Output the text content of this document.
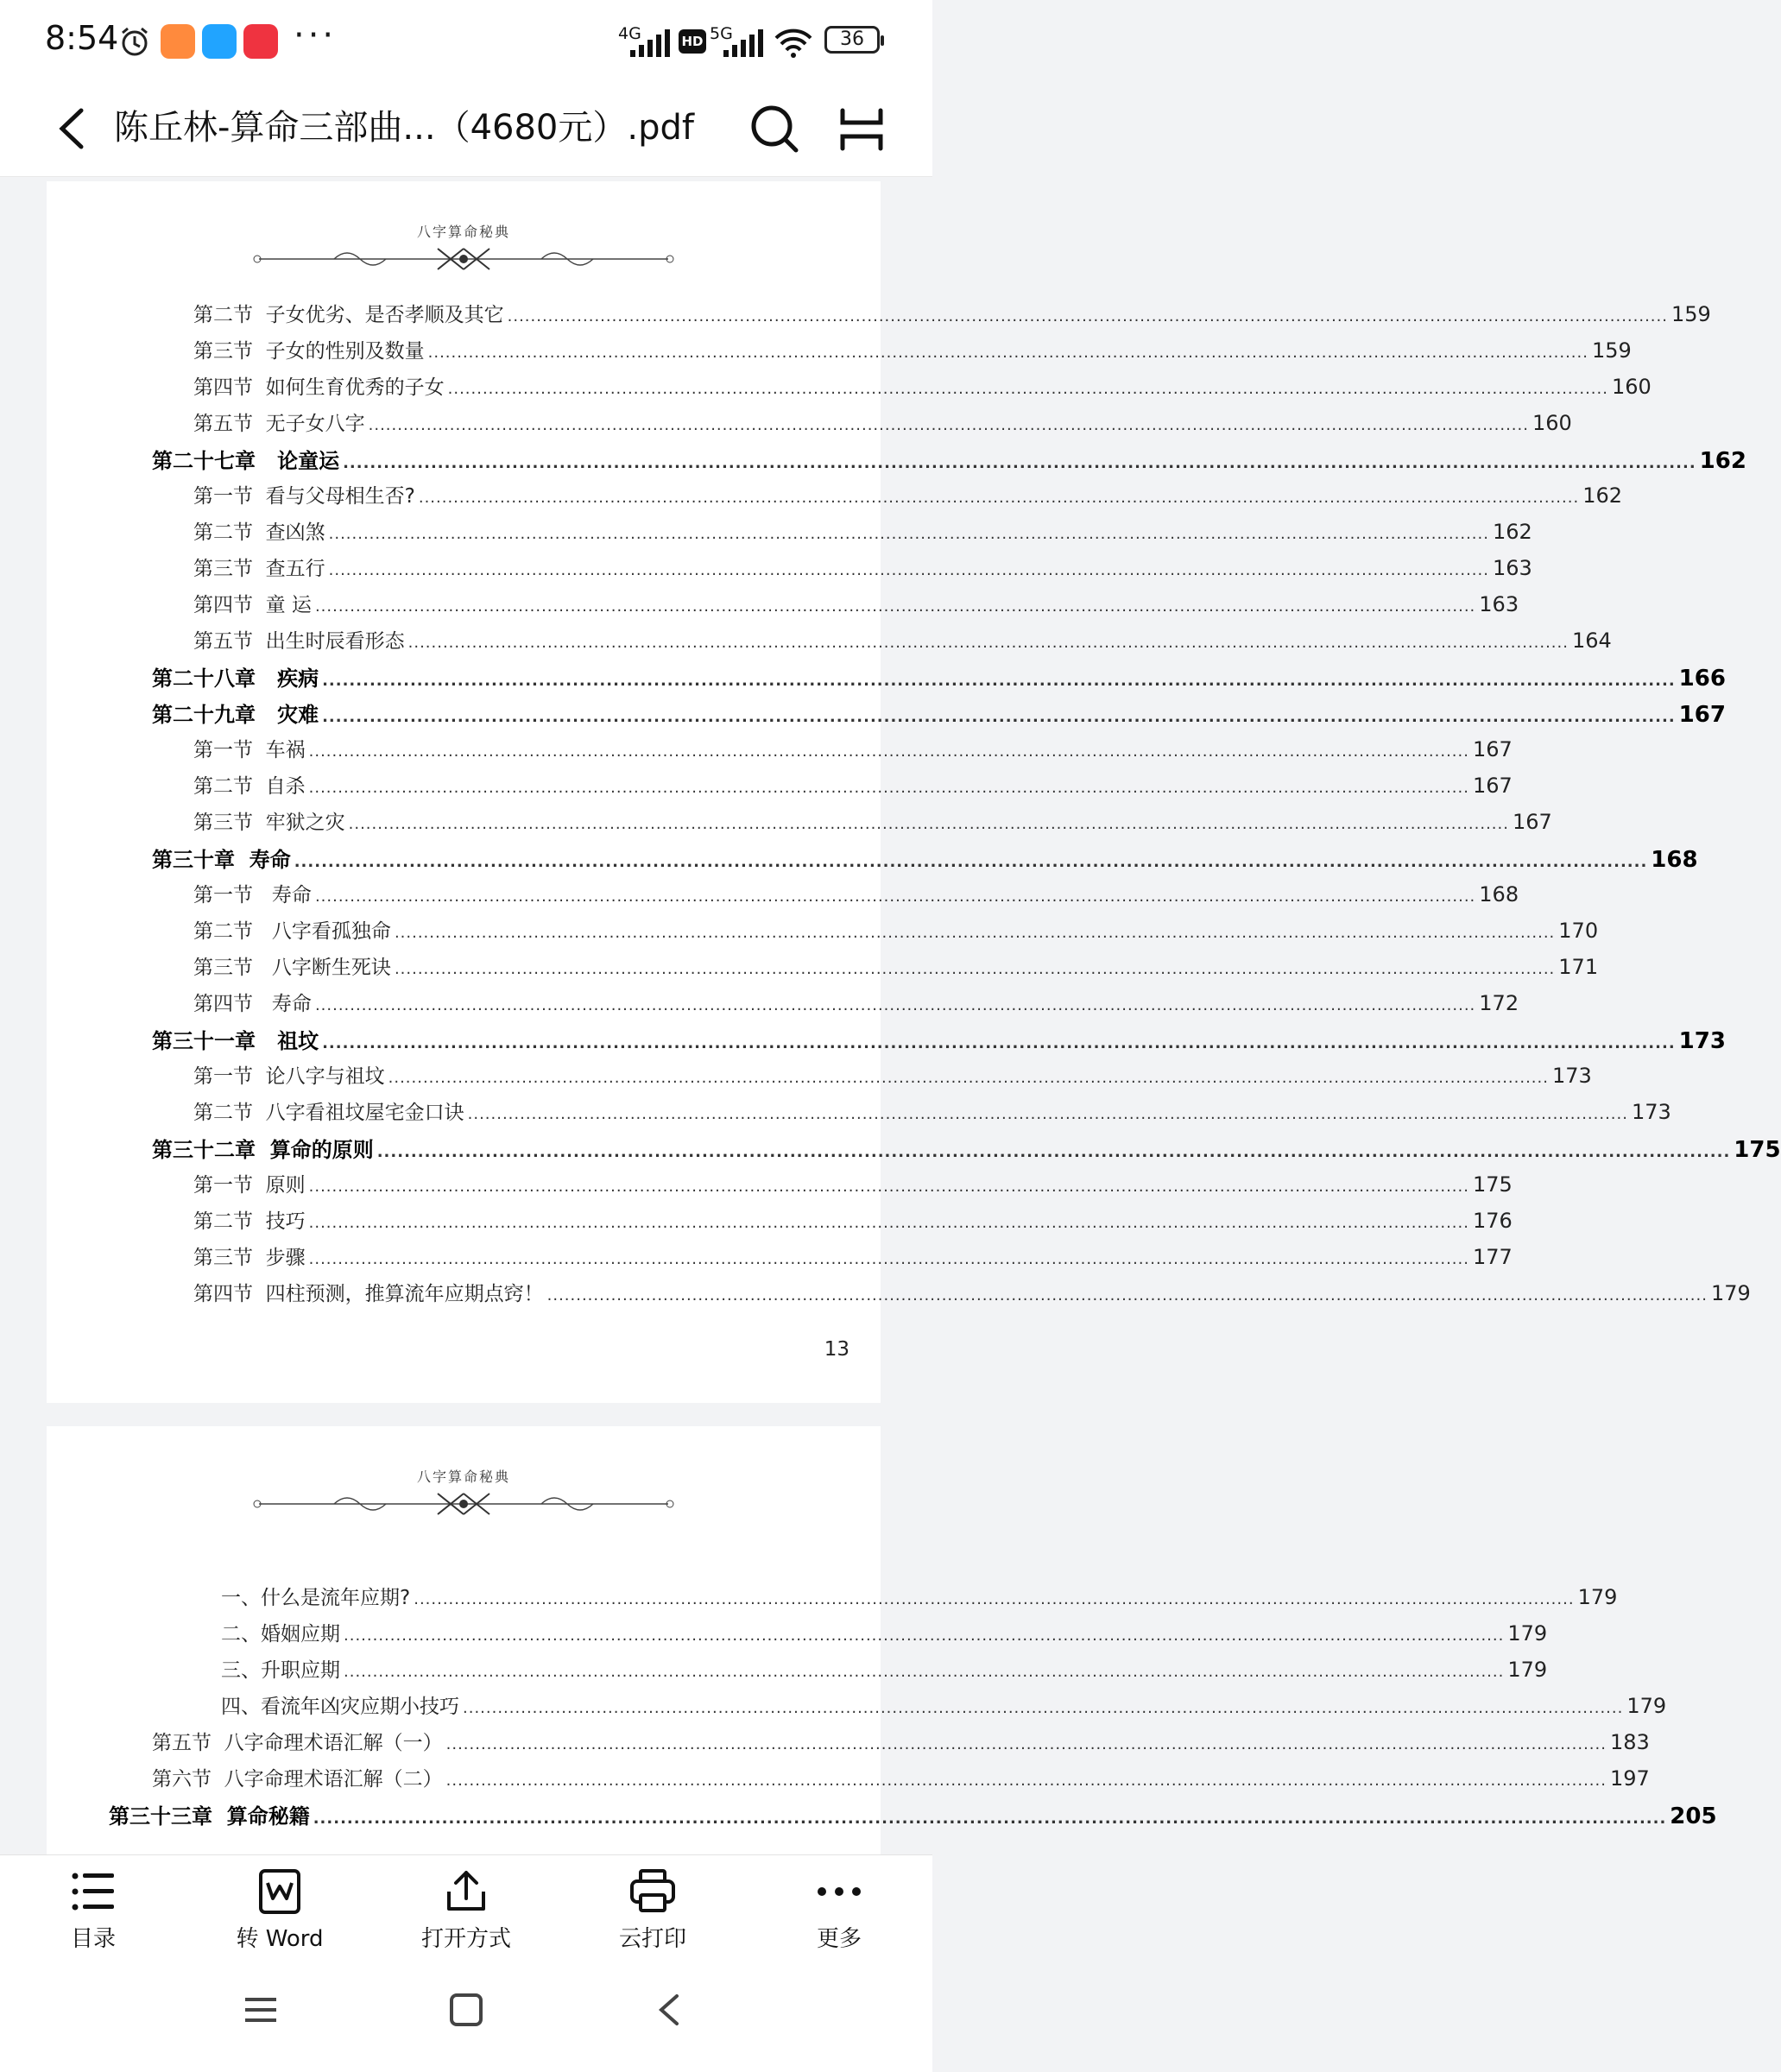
8:54	···	4G	HD 5G	36
陈丘林-算命三部曲...（4680元）.pdf
八字算命秘典
第二节  子女优劣、是否孝顺及其它 ........................................................................................................................................................................................................ 159
第三节  子女的性别及数量 ........................................................................................................................................................................................................ 159
第四节  如何生育优秀的子女 ........................................................................................................................................................................................................ 160
第五节  无子女八字 ........................................................................................................................................................................................................ 160
第二十七章   论童运 ........................................................................................................................................................................................................ 162
第一节  看与父母相生否? ........................................................................................................................................................................................................ 162
第二节  查凶煞 ........................................................................................................................................................................................................ 162
第三节  查五行 ........................................................................................................................................................................................................ 163
第四节  童 运 ........................................................................................................................................................................................................ 163
第五节  出生时辰看形态 ........................................................................................................................................................................................................ 164
第二十八章   疾病 ........................................................................................................................................................................................................ 166
第二十九章   灾难 ........................................................................................................................................................................................................ 167
第一节  车祸 ........................................................................................................................................................................................................ 167
第二节  自杀 ........................................................................................................................................................................................................ 167
第三节  牢狱之灾 ........................................................................................................................................................................................................ 167
第三十章  寿命 ........................................................................................................................................................................................................ 168
第一节   寿命 ........................................................................................................................................................................................................ 168
第二节   八字看孤独命 ........................................................................................................................................................................................................ 170
第三节   八字断生死诀 ........................................................................................................................................................................................................ 171
第四节   寿命 ........................................................................................................................................................................................................ 172
第三十一章   祖坟 ........................................................................................................................................................................................................ 173
第一节  论八字与祖坟 ........................................................................................................................................................................................................ 173
第二节  八字看祖坟屋宅金口诀 ........................................................................................................................................................................................................ 173
第三十二章  算命的原则 ........................................................................................................................................................................................................ 175
第一节  原则 ........................................................................................................................................................................................................ 175
第二节  技巧 ........................................................................................................................................................................................................ 176
第三节  步骤 ........................................................................................................................................................................................................ 177
第四节  四柱预测，推算流年应期点窍！ ........................................................................................................................................................................................................ 179
13
八字算命秘典
一、什么是流年应期? ........................................................................................................................................................................................................ 179
二、婚姻应期 ........................................................................................................................................................................................................ 179
三、升职应期 ........................................................................................................................................................................................................ 179
四、看流年凶灾应期小技巧 ........................................................................................................................................................................................................ 179
第五节  八字命理术语汇解（一） ........................................................................................................................................................................................................ 183
第六节  八字命理术语汇解（二） ........................................................................................................................................................................................................ 197
第三十三章  算命秘籍 ........................................................................................................................................................................................................ 205
目录	转 Word	打开方式	云打印	更多
